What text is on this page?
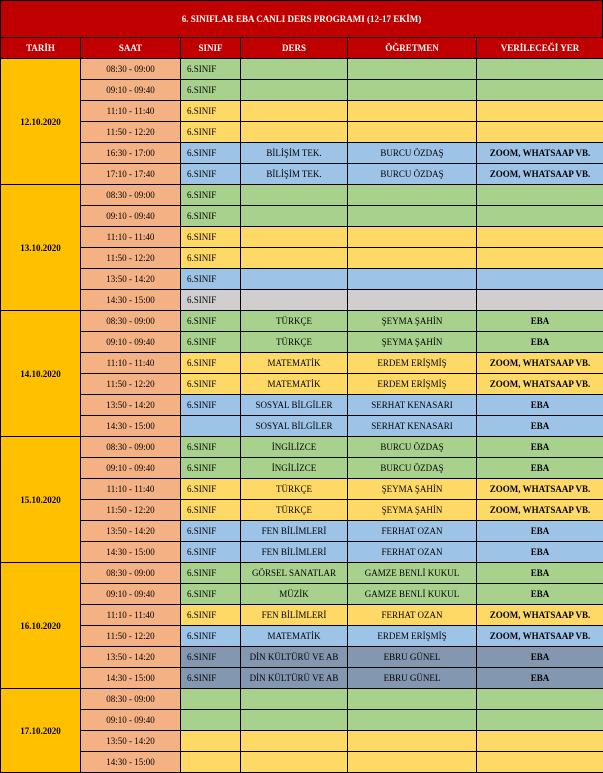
6. SINIFLAR EBA CANLI DERS PROGRAMI (12-17 EKİM)
TARİH	SAAT	SINIF	DERS	ÖĞRETMEN	VERİLECEĞİ YER
12.10.2020	08:30 - 09:00	6.SINIF			
	09:10 - 09:40	6.SINIF			
	11:10 - 11:40	6.SINIF			
	11:50 - 12:20	6.SINIF			
	16:30 - 17:00	6.SINIF	BİLİŞİM TEK.	BURCU ÖZDAŞ	ZOOM, WHATSAAP VB.
	17:10 - 17:40	6.SINIF	BİLİŞİM TEK.	BURCU ÖZDAŞ	ZOOM, WHATSAAP VB.
13.10.2020	08:30 - 09:00	6.SINIF			
	09:10 - 09:40	6.SINIF			
	11:10 - 11:40	6.SINIF			
	11:50 - 12:20	6.SINIF			
	13:50 - 14:20	6.SINIF			
	14:30 - 15:00	6.SINIF			
14.10.2020	08:30 - 09:00	6.SINIF	TÜRKÇE	ŞEYMA ŞAHİN	EBA
	09:10 - 09:40	6.SINIF	TÜRKÇE	ŞEYMA ŞAHİN	EBA
	11:10 - 11:40	6.SINIF	MATEMATİK	ERDEM ERİŞMİŞ	ZOOM, WHATSAAP VB.
	11:50 - 12:20	6.SINIF	MATEMATİK	ERDEM ERİŞMİŞ	ZOOM, WHATSAAP VB.
	13:50 - 14:20	6.SINIF	SOSYAL BİLGİLER	SERHAT KENASARI	EBA
	14:30 - 15:00		SOSYAL BİLGİLER	SERHAT KENASARI	EBA
15.10.2020	08:30 - 09:00	6.SINIF	İNGİLİZCE	BURCU ÖZDAŞ	EBA
	09:10 - 09:40	6.SINIF	İNGİLİZCE	BURCU ÖZDAŞ	EBA
	11:10 - 11:40	6.SINIF	TÜRKÇE	ŞEYMA ŞAHİN	ZOOM, WHATSAAP VB.
	11:50 - 12:20	6.SINIF	TÜRKÇE	ŞEYMA ŞAHİN	ZOOM, WHATSAAP VB.
	13:50 - 14:20	6.SINIF	FEN BİLİMLERİ	FERHAT OZAN	EBA
	14:30 - 15:00	6.SINIF	FEN BİLİMLERİ	FERHAT OZAN	EBA
16.10.2020	08:30 - 09:00	6.SINIF	GÖRSEL SANATLAR	GAMZE BENLİ KUKUL	EBA
	09:10 - 09:40	6.SINIF	MÜZİK	GAMZE BENLİ KUKUL	EBA
	11:10 - 11:40	6.SINIF	FEN BİLİMLERİ	FERHAT OZAN	ZOOM, WHATSAAP VB.
	11:50 - 12:20	6.SINIF	MATEMATİK	ERDEM ERİŞMİŞ	ZOOM, WHATSAAP VB.
	13:50 - 14:20	6.SINIF	DİN KÜLTÜRÜ VE AB	EBRU GÜNEL	EBA
	14:30 - 15:00	6.SINIF	DİN KÜLTÜRÜ VE AB	EBRU GÜNEL	EBA
17.10.2020	08:30 - 09:00				
	09:10 - 09:40				
	13:50 - 14:20				
	14:30 - 15:00				
